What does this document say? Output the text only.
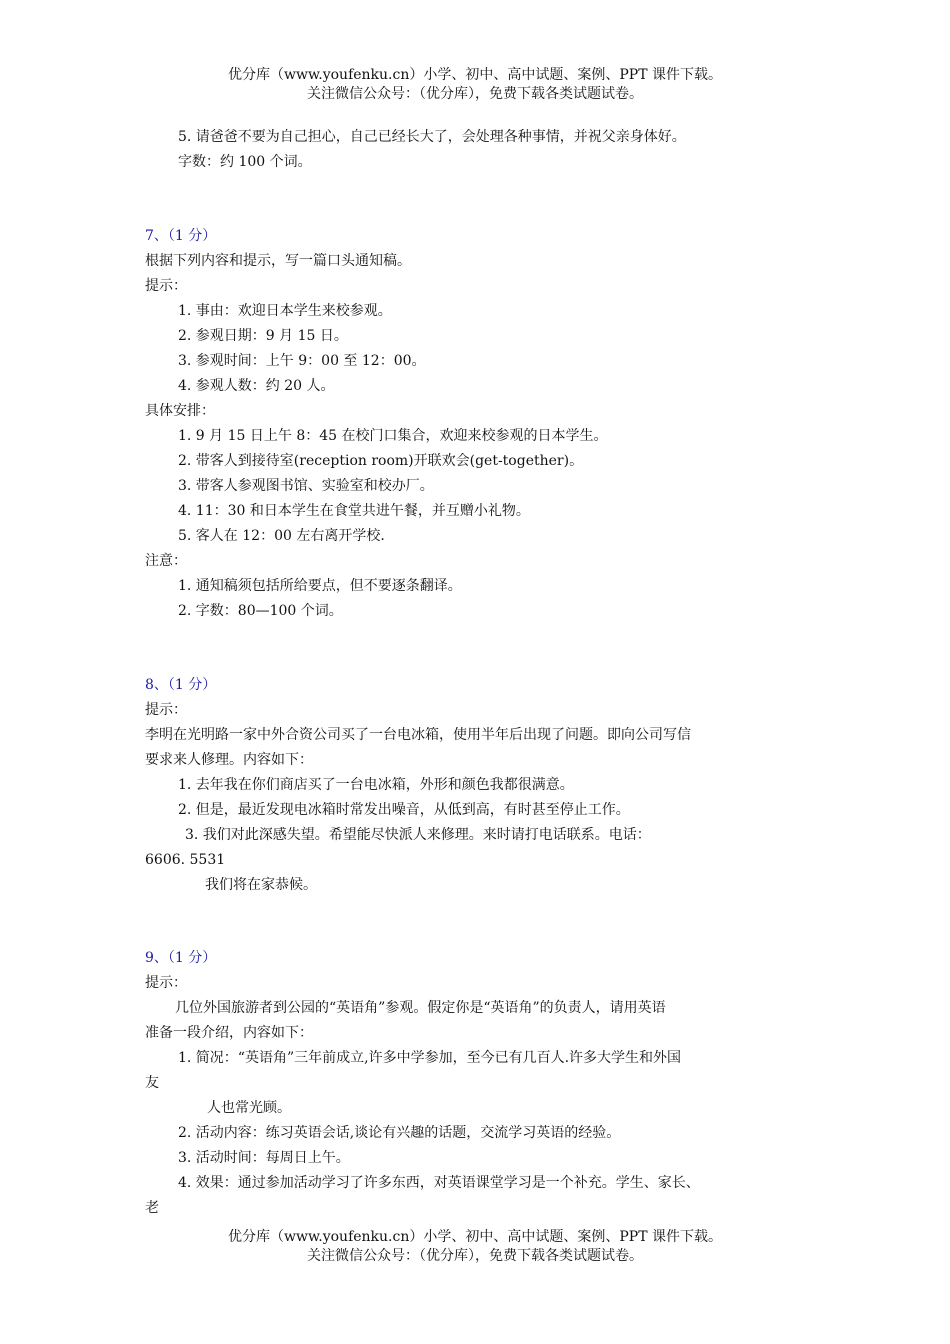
优分库（www.youfenku.cn）小学、初中、高中试题、案例、PPT 课件下载。
关注微信公众号：（优分库），免费下载各类试题试卷。
5. 请爸爸不要为自己担心，自己已经长大了，会处理各种事情，并祝父亲身体好。
字数：约 100 个词。
7、（1 分）
根据下列内容和提示，写一篇口头通知稿。
提示：
1. 事由：欢迎日本学生来校参观。
2. 参观日期：9 月 15 日。
3. 参观时间：上午 9：00 至 12：00。
4. 参观人数：约 20 人。
具体安排：
1. 9 月 15 日上午 8：45 在校门口集合，欢迎来校参观的日本学生。
2. 带客人到接待室(reception room)开联欢会(get-together)。
3. 带客人参观图书馆、实验室和校办厂。
4. 11：30 和日本学生在食堂共进午餐，并互赠小礼物。
5. 客人在 12：00 左右离开学校.
注意：
1. 通知稿须包括所给要点，但不要逐条翻译。
2. 字数：80—100 个词。
8、（1 分）
提示：
李明在光明路一家中外合资公司买了一台电冰箱，使用半年后出现了问题。即向公司写信
要求来人修理。内容如下：
1. 去年我在你们商店买了一台电冰箱，外形和颜色我都很满意。
2. 但是，最近发现电冰箱时常发出噪音，从低到高，有时甚至停止工作。
3. 我们对此深感失望。希望能尽快派人来修理。来时请打电话联系。电话：
6606. 5531
我们将在家恭候。
9、（1 分）
提示：
几位外国旅游者到公园的“英语角”参观。假定你是“英语角”的负责人，请用英语
准备一段介绍，内容如下：
1. 简况：“英语角”三年前成立,许多中学参加，至今已有几百人.许多大学生和外国
友
人也常光顾。
2. 活动内容：练习英语会话,谈论有兴趣的话题，交流学习英语的经验。
3. 活动时间：每周日上午。
4. 效果：通过参加活动学习了许多东西，对英语课堂学习是一个补充。学生、家长、
老
优分库（www.youfenku.cn）小学、初中、高中试题、案例、PPT 课件下载。
关注微信公众号：（优分库），免费下载各类试题试卷。
